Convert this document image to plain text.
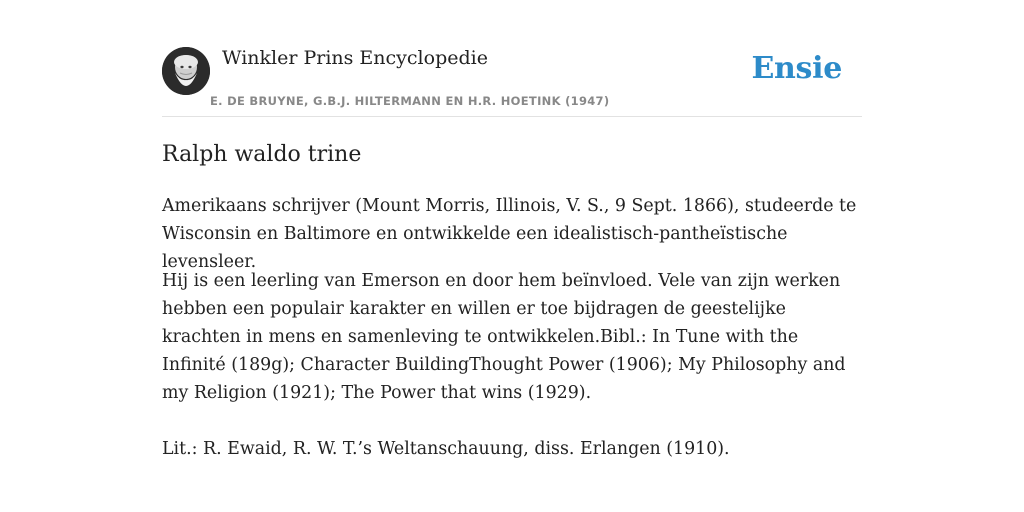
Winkler Prins Encyclopedie
E. DE BRUYNE, G.B.J. HILTERMANN EN H.R. HOETINK (1947)
Ensie
Ralph waldo trine

Amerikaans schrijver (Mount Morris, Illinois, V. S., 9 Sept. 1866), studeerde te Wisconsin en Baltimore en ontwikkelde een idealistisch-pantheïstische levensleer.

Hij is een leerling van Emerson en door hem beïnvloed. Vele van zijn werken hebben een populair karakter en willen er toe bijdragen de geestelijke krachten in mens en samenleving te ontwikkelen.Bibl.: In Tune with the Infinité (189g); Character BuildingThought Power (1906); My Philosophy and my Religion (1921); The Power that wins (1929).

Lit.: R. Ewaid, R. W. T.’s Weltanschauung, diss. Erlangen (1910).
